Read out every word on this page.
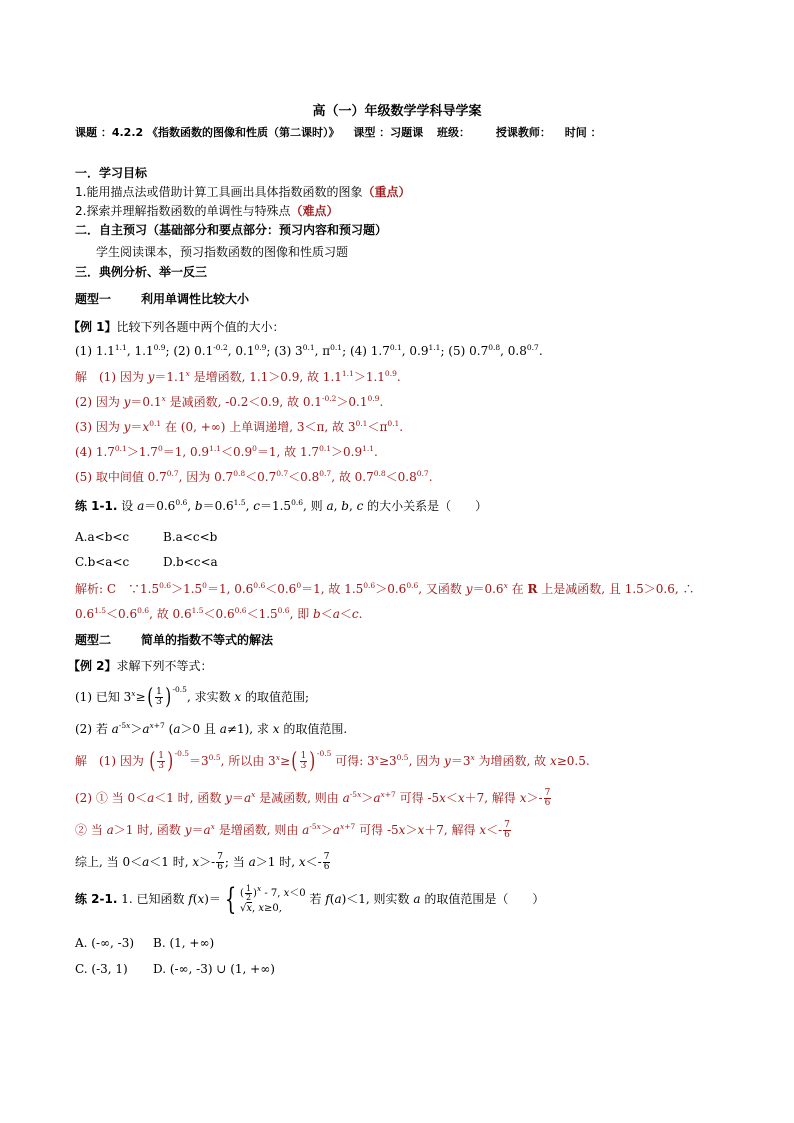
高（一）年级数学学科导学案
课题 ：4.2.2 《指数函数的图像和性质（第二课时）》 课型 ：习题课 班级： 授课教师： 时间 ：
一．学习目标
1.能用描点法或借助计算工具画出具体指数函数的图象（重点）
2.探索并理解指数函数的单调性与特殊点（难点）
二．自主预习（基础部分和要点部分：预习内容和预习题）
学生阅读课本，预习指数函数的图像和性质习题
三．典例分析、举一反三
题型一	利用单调性比较大小
【例 1】比较下列各题中两个值的大小：
(1) $1.1^{1.1}$, $1.1^{0.9}$; (2) $0.1^{-0.2}$, $0.1^{0.9}$; (3) $3^{0.1}$, $\pi^{0.1}$; (4) $1.7^{0.1}$, $0.9^{1.1}$; (5) $0.7^{0.8}$, $0.8^{0.7}$.
解　(1) 因为 $y=1.1^x$ 是增函数, 1.1＞0.9, 故 $1.1^{1.1}>1.1^{0.9}$.
(2) 因为 $y=0.1^x$ 是减函数, -0.2＜0.9, 故 $0.1^{-0.2}>0.1^{0.9}$.
(3) 因为 $y=x^{0.1}$ 在 (0, +∞) 上单调递增, 3＜π, 故 $3^{0.1}<\pi^{0.1}$.
(4) $1.7^{0.1}>1.7^0=1$, $0.9^{1.1}<0.9^0=1$, 故 $1.7^{0.1}>0.9^{1.1}$.
(5) 取中间值 $0.7^{0.7}$, 因为 $0.7^{0.8}<0.7^{0.7}<0.8^{0.7}$, 故 $0.7^{0.8}<0.8^{0.7}$.
练 1-1. 设 $a=0.6^{0.6}$, $b=0.6^{1.5}$, $c=1.5^{0.6}$, 则 a, b, c 的大小关系是（　　）
A.a<b<c	B.a<c<b
C.b<a<c	D.b<c<a
解析: C　$\because 1.5^{0.6}>1.5^0=1$, $0.6^{0.6}<0.6^0=1$, 故 $1.5^{0.6}>0.6^{0.6}$, 又函数 $y=0.6^x$ 在 R 上是减函数, 且 1.5＞0.6, ∴
$0.6^{1.5}<0.6^{0.6}$, 故 $0.6^{1.5}<0.6^{0.6}<1.5^{0.6}$, 即 b＜a＜c.
题型二	简单的指数不等式的解法
【例 2】求解下列不等式：
(1) 已知 $3^x\ge$ ( $\frac{1}{3}$ ) $^{-0.5}$, 求实数 x 的取值范围;
(2) 若 $a^{-5x}>a^{x+7}$ (a＞0 且 a≠1), 求 x 的取值范围.
解　(1) 因为 ( $\frac{1}{3}$ ) $^{-0.5}=3^{0.5}$, 所以由 $3^x\ge$ ( $\frac{1}{3}$ ) $^{-0.5}$ 可得: $3^x\ge 3^{0.5}$, 因为 $y=3^x$ 为增函数, 故 x≥0.5.
(2) ① 当 0＜a＜1 时, 函数 $y=a^x$ 是减函数, 则由 $a^{-5x}>a^{x+7}$ 可得 -5x＜x＋7, 解得 $x>- \frac{7}{6}$
② 当 a＞1 时, 函数 $y=a^x$ 是增函数, 则由 $a^{-5x}>a^{x+7}$ 可得 -5x＞x＋7, 解得 $x<- \frac{7}{6}$
综上, 当 0＜a＜1 时, $x>- \frac{7}{6}$ ; 当 a＞1 时, $x<- \frac{7}{6}$
练 2-1. 1. 已知函数 f(x)＝ { ( $\frac{1}{2} )^x - 7$, x＜0
√x, x≥0,
若 f(a)＜1, 则实数 a 的取值范围是（　　）
A. (-∞, -3) B. (1, +∞)
C. (-3, 1) D. (-∞, -3) ∪ (1, +∞)
